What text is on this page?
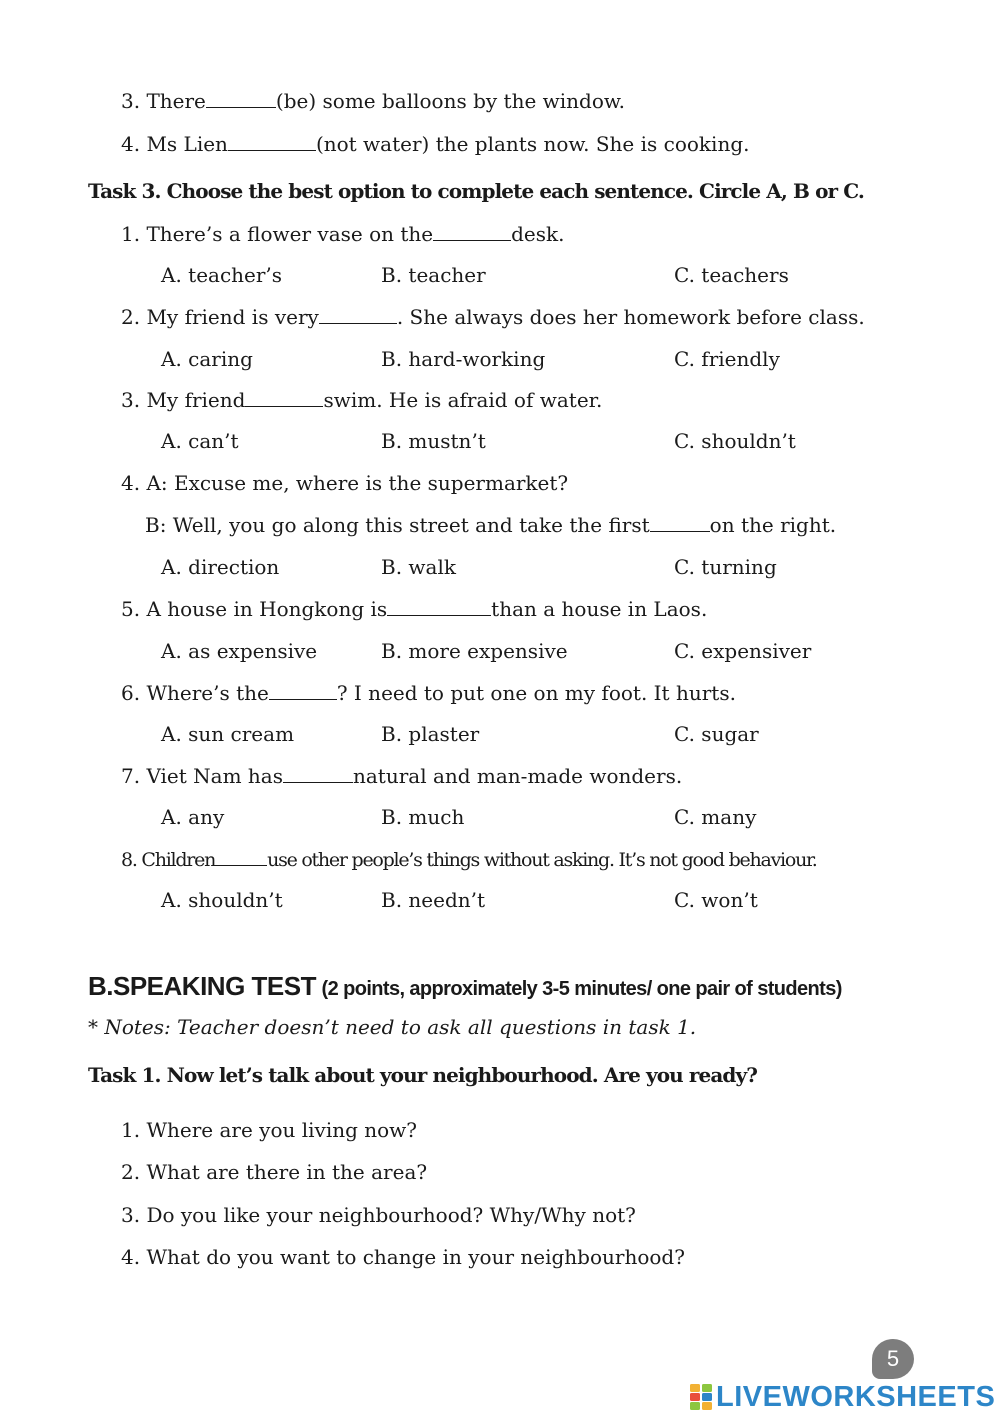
3. There	(be) some balloons by the window.
4. Ms Lien	(not water) the plants now. She is cooking.
Task 3. Choose the best option to complete each sentence. Circle A, B or C.
1. There’s a flower vase on the	desk.
A. teacher’s	B. teacher	C. teachers
2. My friend is very	. She always does her homework before class.
A. caring	B. hard-working	C. friendly
3. My friend	swim. He is afraid of water.
A. can’t	B. mustn’t	C. shouldn’t
4. A: Excuse me, where is the supermarket?
B: Well, you go along this street and take the first	on the right.
A. direction	B. walk	C. turning
5. A house in Hongkong is	than a house in Laos.
A. as expensive	B. more expensive	C. expensiver
6. Where’s the	? I need to put one on my foot. It hurts.
A. sun cream	B. plaster	C. sugar
7. Viet Nam has	natural and man-made wonders.
A. any	B. much	C. many
8. Children	use other people’s things without asking. It’s not good behaviour.
A. shouldn’t	B. needn’t	C. won’t
B.SPEAKING TEST (2 points, approximately 3-5 minutes/ one pair of students)
* Notes: Teacher doesn’t need to ask all questions in task 1.
Task 1. Now let’s talk about your neighbourhood. Are you ready?
1. Where are you living now?
2. What are there in the area?
3. Do you like your neighbourhood? Why/Why not?
4. What do you want to change in your neighbourhood?
5
LIVEWORKSHEETS
